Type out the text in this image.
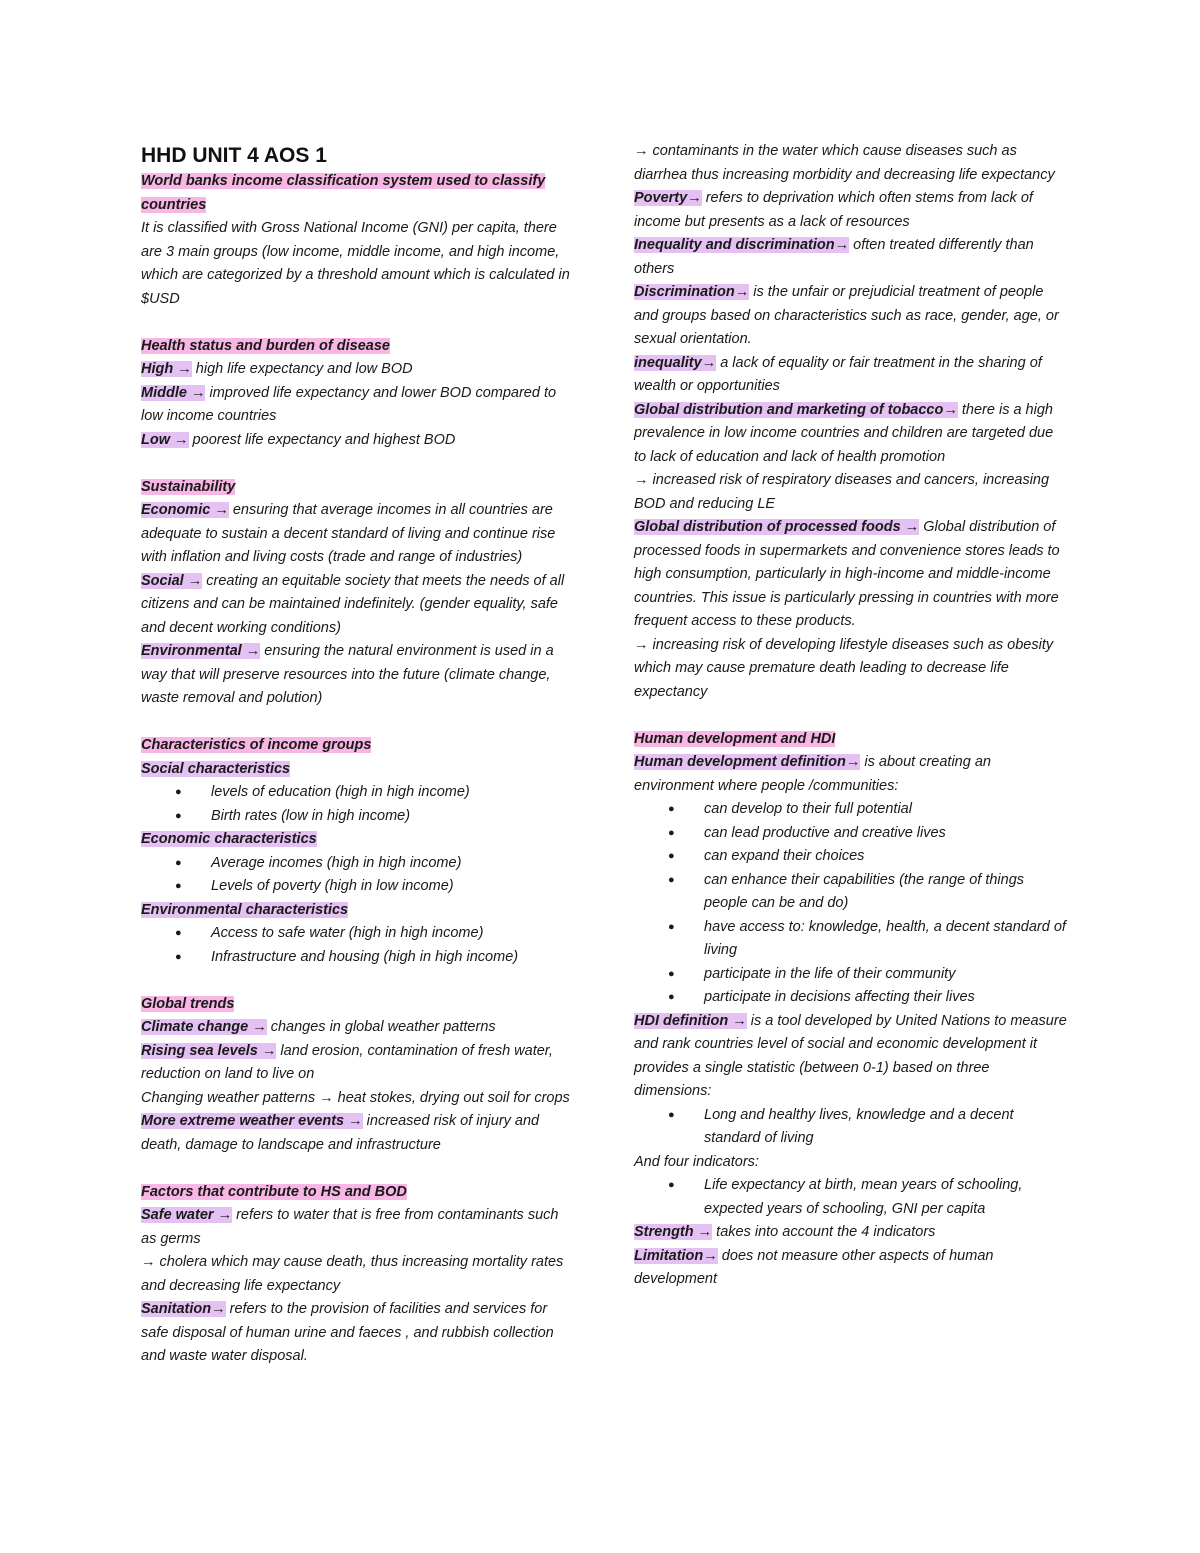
HHD UNIT 4 AOS 1

World banks income classification system used to classify countries

It is classified with Gross National Income (GNI) per capita, there are 3 main groups (low income, middle income, and high income, which are categorized by a threshold amount which is calculated in $USD

Health status and burden of disease

High → high life expectancy and low BOD

Middle → improved life expectancy and lower BOD compared to low income countries

Low → poorest life expectancy and highest BOD

Sustainability

Economic → ensuring that average incomes in all countries are adequate to sustain a decent standard of living and continue rise with inflation and living costs (trade and range of industries)

Social → creating an equitable society that meets the needs of all citizens and can be maintained indefinitely. (gender equality, safe and decent working conditions)

Environmental → ensuring the natural environment is used in a way that will preserve resources into the future (climate change, waste removal and polution)

Characteristics of income groups

Social characteristics

● levels of education (high in high income)
● Birth rates (low in high income)

Economic characteristics

● Average incomes (high in high income)
● Levels of poverty (high in low income)

Environmental characteristics

● Access to safe water (high in high income)
● Infrastructure and housing (high in high income)

Global trends

Climate change → changes in global weather patterns

Rising sea levels → land erosion, contamination of fresh water, reduction on land to live on

Changing weather patterns → heat stokes, drying out soil for crops

More extreme weather events → increased risk of injury and death, damage to landscape and infrastructure

Factors that contribute to HS and BOD

Safe water → refers to water that is free from contaminants such as germs

→ cholera which may cause death, thus increasing mortality rates and decreasing life expectancy

Sanitation→ refers to the provision of facilities and services for safe disposal of human urine and faeces , and rubbish collection and waste water disposal.

→ contaminants in the water which cause diseases such as diarrhea thus increasing morbidity and decreasing life expectancy

Poverty→ refers to deprivation which often stems from lack of income but presents as a lack of resources

Inequality and discrimination→ often treated differently than others

Discrimination→ is the unfair or prejudicial treatment of people and groups based on characteristics such as race, gender, age, or sexual orientation.

inequality→ a lack of equality or fair treatment in the sharing of wealth or opportunities

Global distribution and marketing of tobacco→ there is a high prevalence in low income countries and children are targeted due to lack of education and lack of health promotion

→ increased risk of respiratory diseases and cancers, increasing BOD and reducing LE

Global distribution of processed foods → Global distribution of processed foods in supermarkets and convenience stores leads to high consumption, particularly in high-income and middle-income countries. This issue is particularly pressing in countries with more frequent access to these products.

→ increasing risk of developing lifestyle diseases such as obesity which may cause premature death leading to decrease life expectancy

Human development and HDI

Human development definition→ is about creating an environment where people /communities:

● can develop to their full potential
● can lead productive and creative lives
● can expand their choices
● can enhance their capabilities (the range of things people can be and do)
● have access to: knowledge, health, a decent standard of living
● participate in the life of their community
● participate in decisions affecting their lives

HDI definition → is a tool developed by United Nations to measure and rank countries level of social and economic development it provides a single statistic (between 0-1) based on three dimensions:

● Long and healthy lives, knowledge and a decent standard of living

And four indicators:

● Life expectancy at birth, mean years of schooling, expected years of schooling, GNI per capita

Strength → takes into account the 4 indicators

Limitation→ does not measure other aspects of human development
